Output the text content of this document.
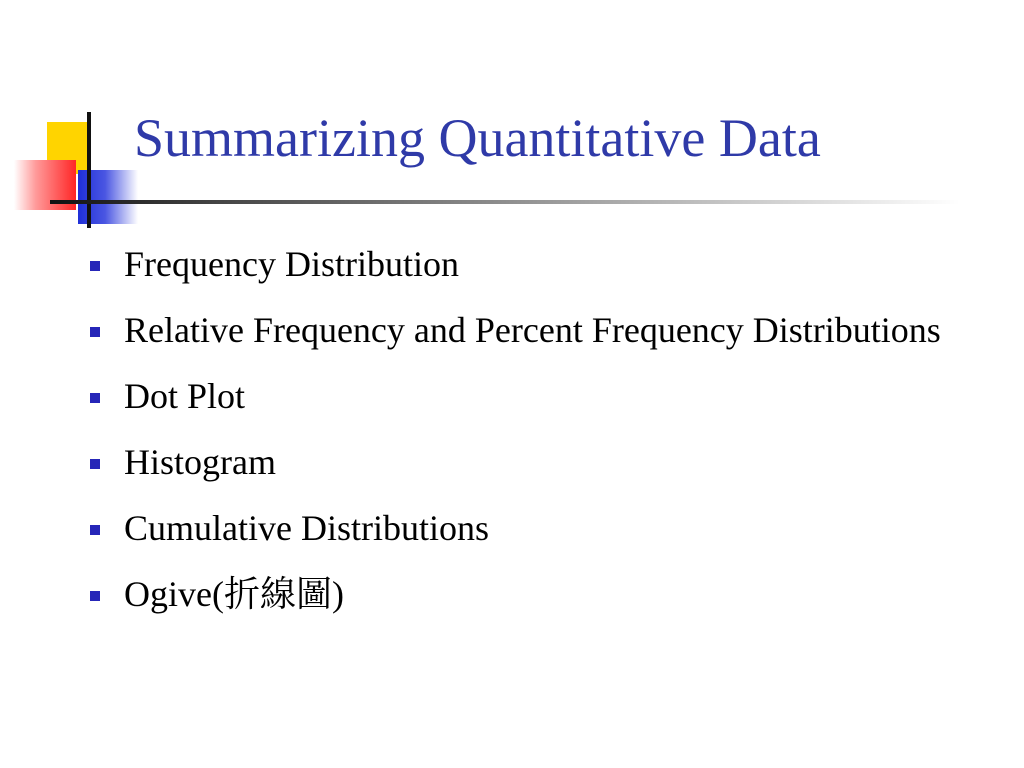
Summarizing Quantitative Data
Frequency Distribution
Relative Frequency and Percent Frequency Distributions
Dot Plot
Histogram
Cumulative Distributions
Ogive(折線圖)
